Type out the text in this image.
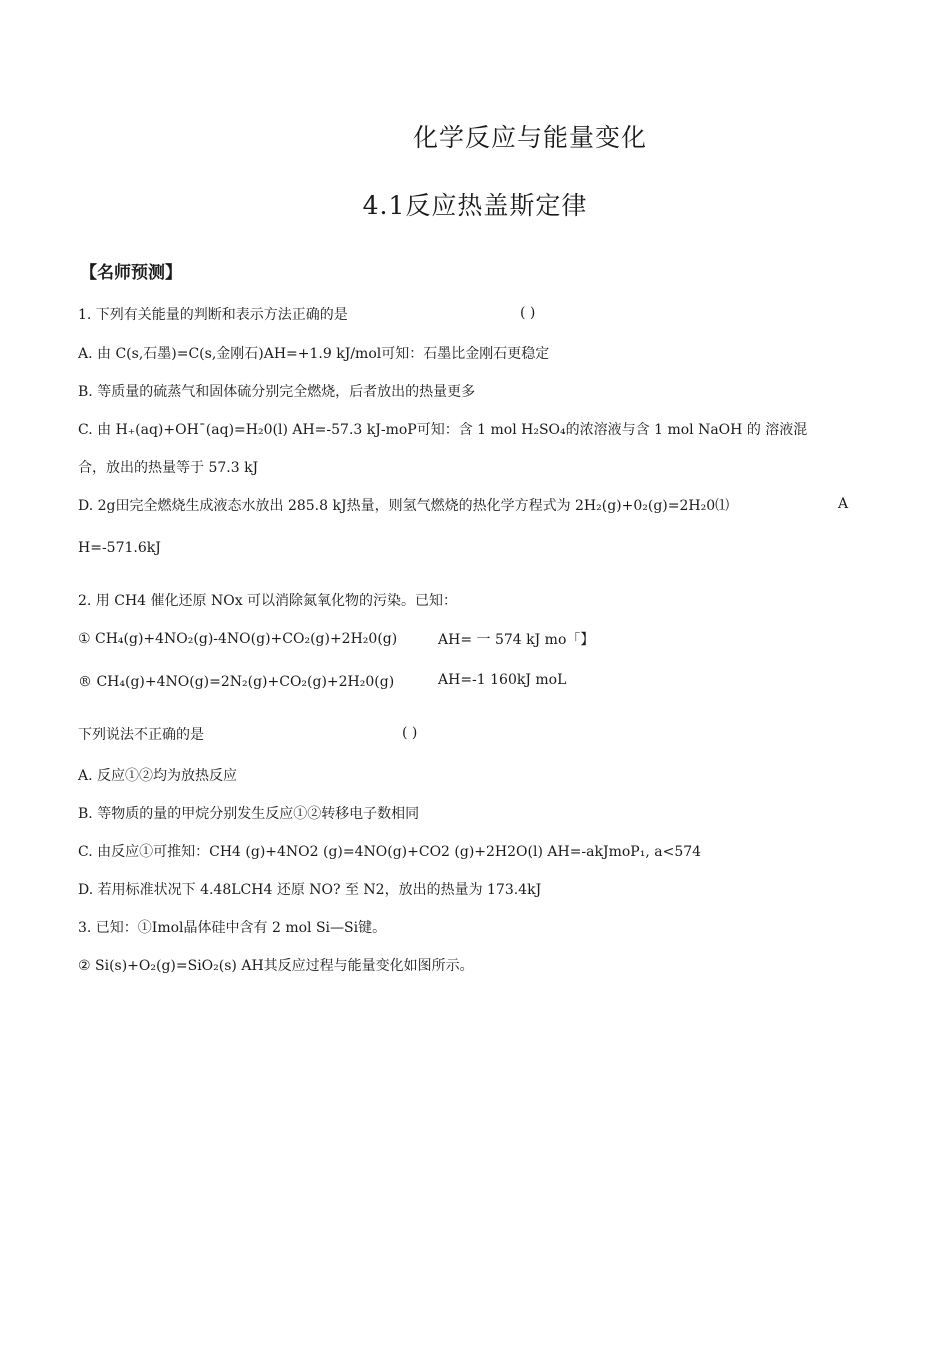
化学反应与能量变化
4.1反应热盖斯定律
【名师预测】
1. 下列有关能量的判断和表示方法正确的是	( )
A. 由 C(s,石墨)=C(s,金刚石)AH=+1.9 kJ/mol可知：石墨比金刚石更稳定
B. 等质量的硫蒸气和固体硫分别完全燃烧，后者放出的热量更多
C. 由 H₊(aq)+OH¯(aq)=H₂0(l) AH=-57.3 kJ-moP可知：含 1 mol H₂SO₄的浓溶液与含 1 mol NaOH 的 溶液混
合，放出的热量等于 57.3 kJ
D. 2g田完全燃烧生成液态水放出 285.8 kJ热量，则氢气燃烧的热化学方程式为 2H₂(g)+0₂(g)=2H₂0⑴	A
H=-571.6kJ
2. 用 CH4 催化还原 NOx 可以消除氮氧化物的污染。已知：
① CH₄(g)+4NO₂(g)-4NO(g)+CO₂(g)+2H₂0(g)	AH= 一 574 kJ mo「】
® CH₄(g)+4NO(g)=2N₂(g)+CO₂(g)+2H₂0(g)	AH=-1 160kJ moL
下列说法不正确的是	( )
A. 反应①②均为放热反应
B. 等物质的量的甲烷分别发生反应①②转移电子数相同
C. 由反应①可推知：CH4 (g)+4NO2 (g)=4NO(g)+CO2 (g)+2H2O(l) AH=-akJmoP₁, a<574
D. 若用标准状况下 4.48LCH4 还原 NO? 至 N2，放出的热量为 173.4kJ
3. 已知：①Imol晶体硅中含有 2 mol Si—Si键。
② Si(s)+O₂(g)=SiO₂(s) AH其反应过程与能量变化如图所示。
